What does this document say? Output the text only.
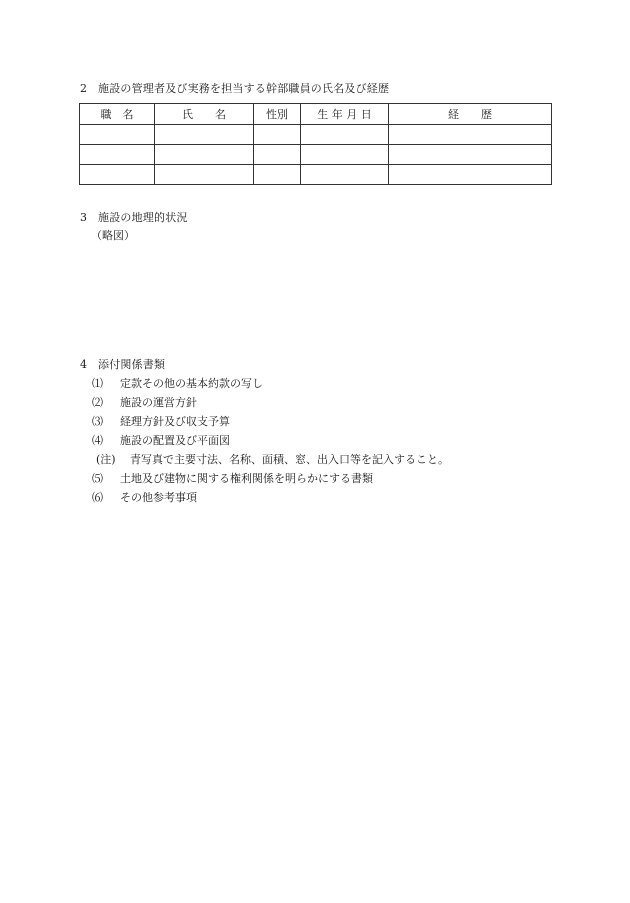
2 施設の管理者及び実務を担当する幹部職員の氏名及び経歴
職　名	氏　　名	性別	生 年 月 日	経　　歴

3 施設の地理的状況
（略図）
4 添付関係書類
⑴ 定款その他の基本約款の写し
⑵ 施設の運営方針
⑶ 経理方針及び収支予算
⑷ 施設の配置及び平面図
(注) 青写真で主要寸法、名称、面積、窓、出入口等を記入すること。
⑸ 土地及び建物に関する権利関係を明らかにする書類
⑹ その他参考事項
